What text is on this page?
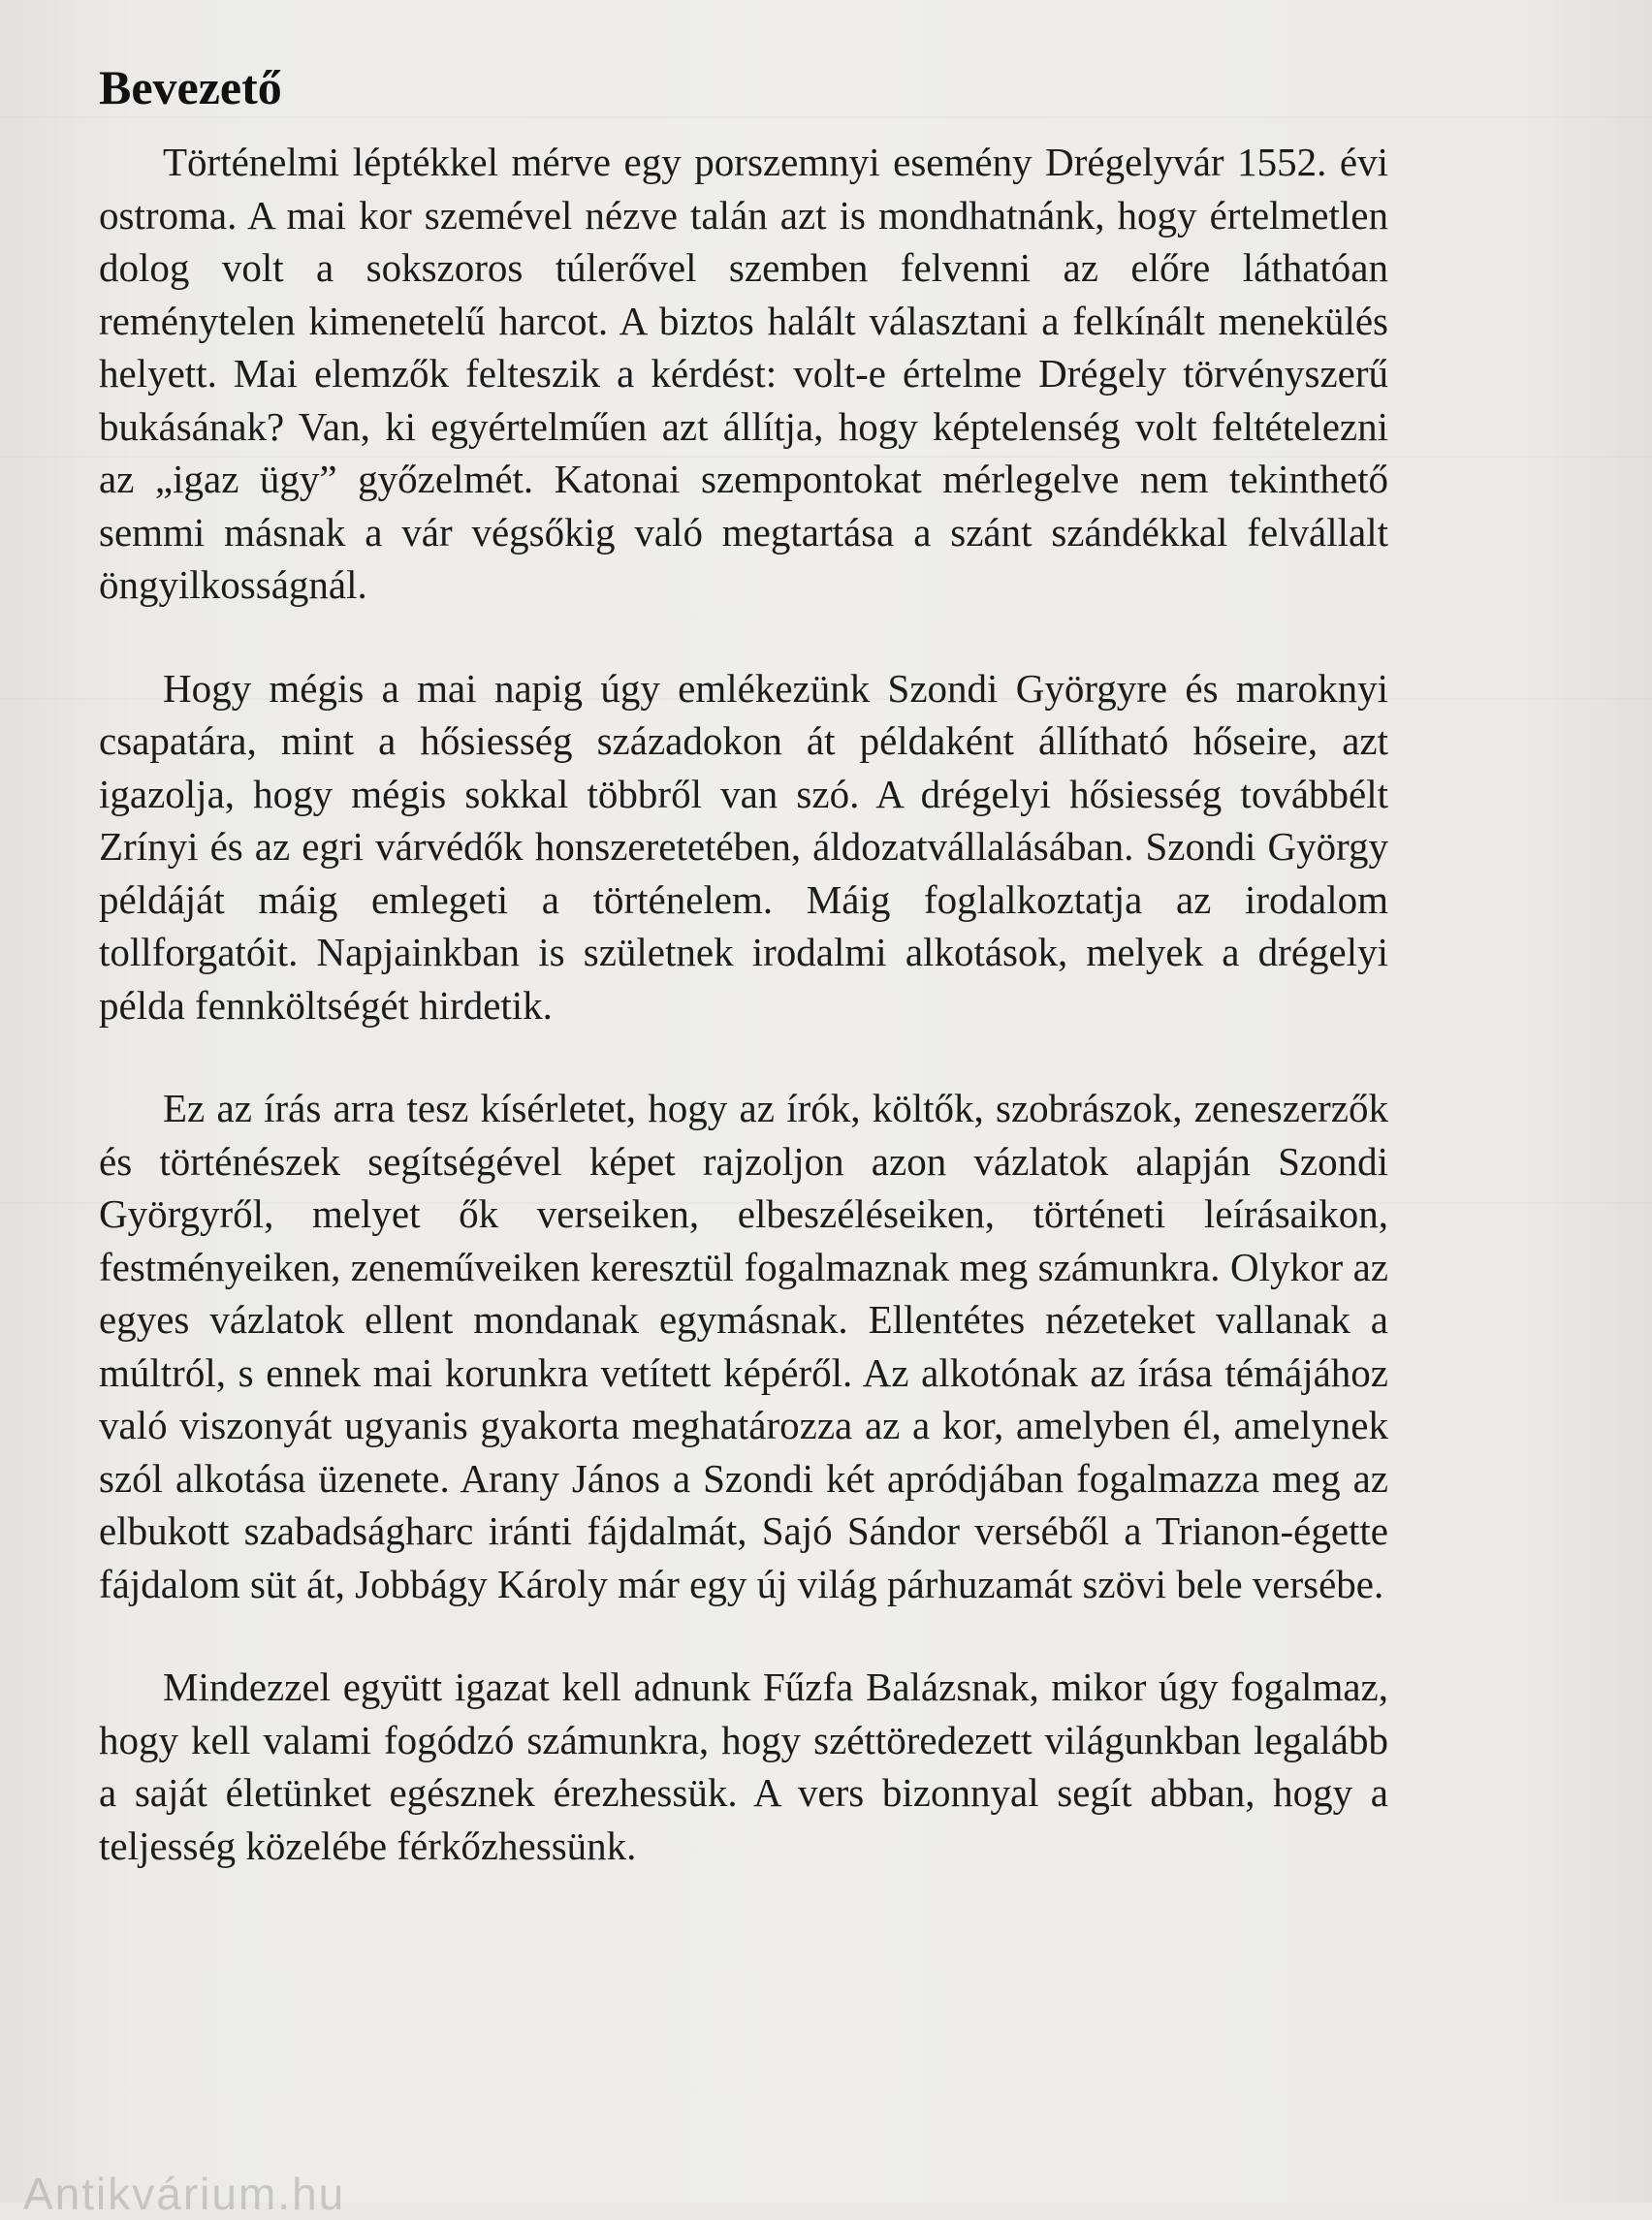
Bevezető

Történelmi léptékkel mérve egy porszemnyi esemény Drégelyvár 1552. évi ostroma. A mai kor szemével nézve talán azt is mondhatnánk, hogy értelmetlen dolog volt a sokszoros túlerővel szemben felvenni az előre láthatóan reménytelen kimenetelű harcot. A biztos halált választani a felkínált menekülés helyett. Mai elemzők felteszik a kérdést: volt-e értelme Drégely törvényszerű bukásának? Van, ki egyértelműen azt állítja, hogy képtelenség volt feltételezni az „igaz ügy” győzelmét. Katonai szempontokat mérlegelve nem tekinthető semmi másnak a vár végsőkig való megtartása a szánt szándékkal felvállalt öngyilkosságnál.

Hogy mégis a mai napig úgy emlékezünk Szondi Györgyre és maroknyi csapatára, mint a hősiesség századokon át példaként állítható hőseire, azt igazolja, hogy mégis sokkal többről van szó. A drégelyi hősiesség továbbélt Zrínyi és az egri várvédők honszeretetében, áldozatvállalásában. Szondi György példáját máig emlegeti a történelem. Máig foglalkoztatja az irodalom tollforgatóit. Napjainkban is születnek irodalmi alkotások, melyek a drégelyi példa fennköltségét hirdetik.

Ez az írás arra tesz kísérletet, hogy az írók, költők, szobrászok, zeneszerzők és történészek segítségével képet rajzoljon azon vázlatok alapján Szondi Györgyről, melyet ők verseiken, elbeszéléseiken, történeti leírásaikon, festményeiken, zeneműveiken keresztül fogalmaznak meg számunkra. Olykor az egyes vázlatok ellent mondanak egymásnak. Ellentétes nézeteket vallanak a múltról, s ennek mai korunkra vetített képéről. Az alkotónak az írása témájához való viszonyát ugyanis gyakorta meghatározza az a kor, amelyben él, amelynek szól alkotása üzenete. Arany János a Szondi két apródjában fogalmazza meg az elbukott szabadságharc iránti fájdalmát, Sajó Sándor verséből a Trianon-égette fájdalom süt át, Jobbágy Károly már egy új világ párhuzamát szövi bele versébe.

Mindezzel együtt igazat kell adnunk Fűzfa Balázsnak, mikor úgy fogalmaz, hogy kell valami fogódzó számunkra, hogy széttöredezett világunkban legalább a saját életünket egésznek érezhessük. A vers bizonnyal segít abban, hogy a teljesség közelébe férkőzhessünk.

Antikvárium.hu
